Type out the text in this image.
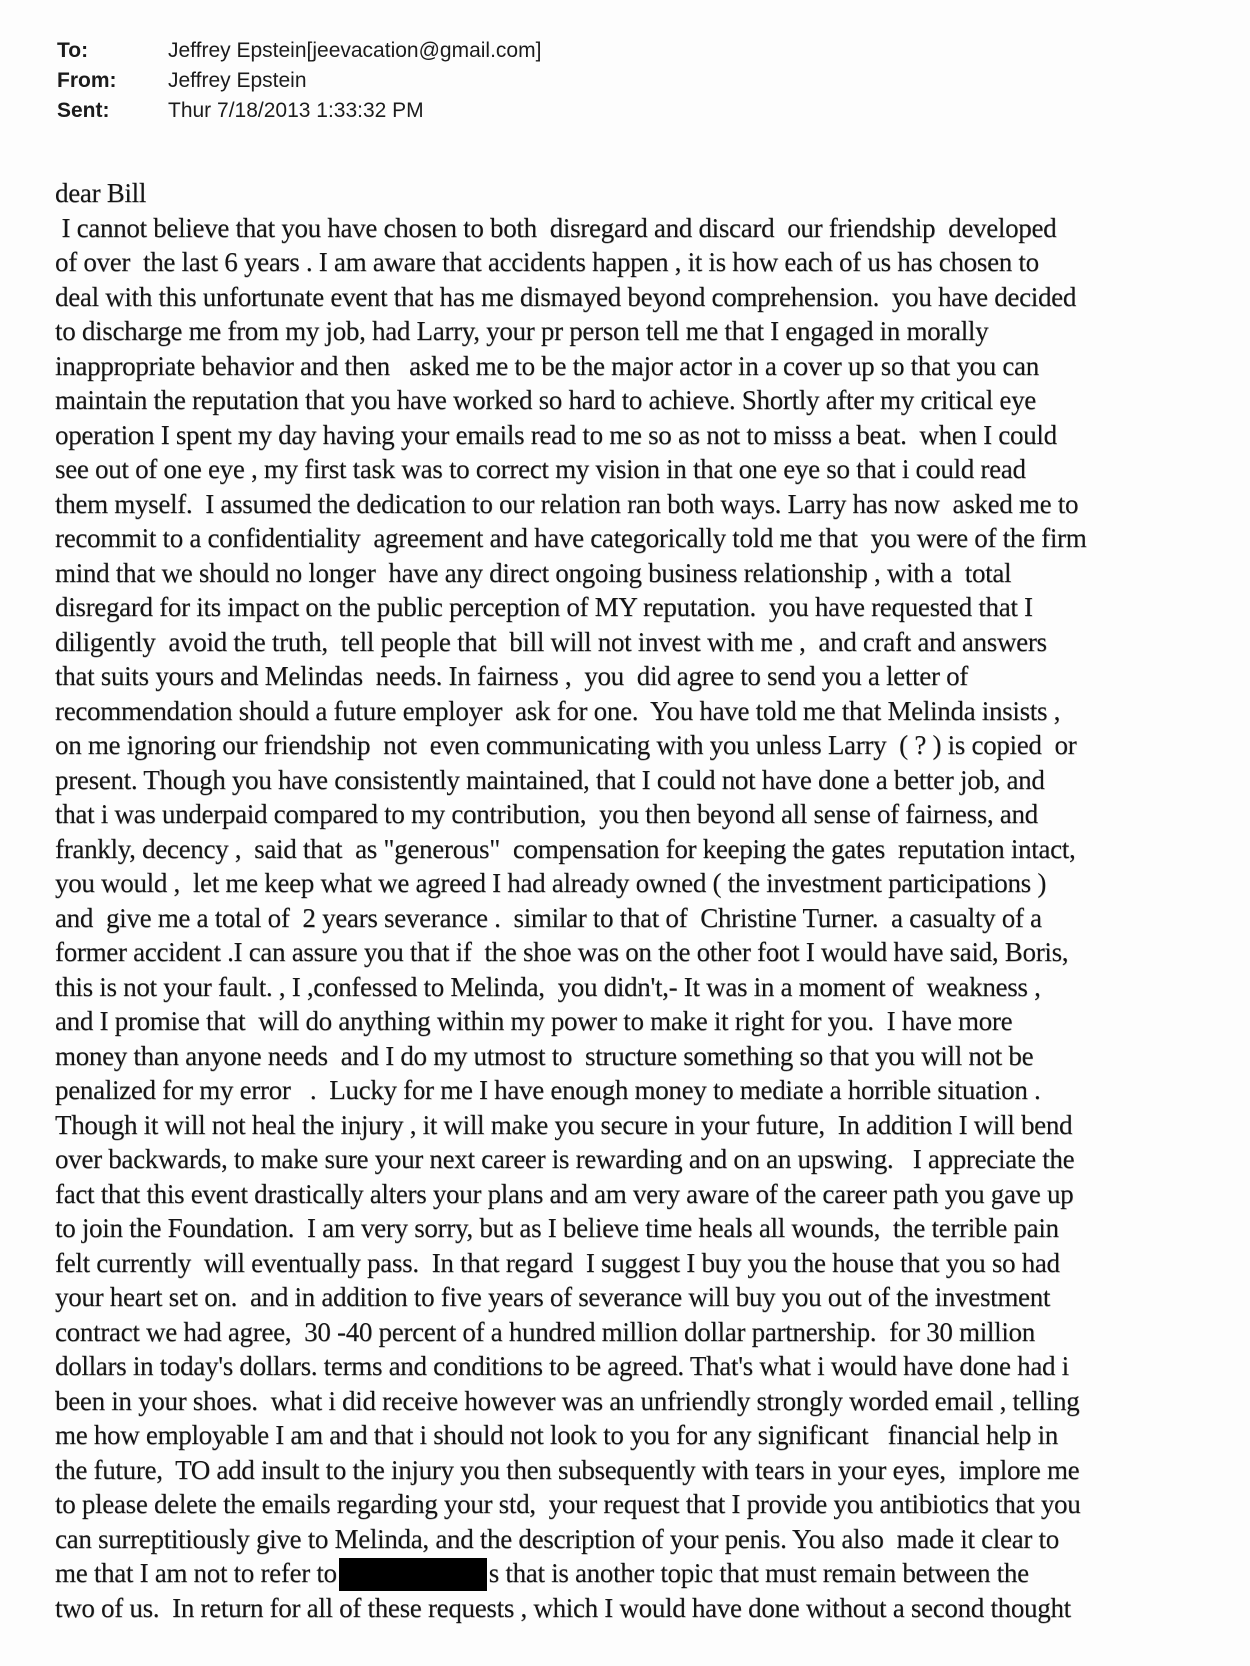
To:	Jeffrey Epstein[jeevacation@gmail.com]
From:	Jeffrey Epstein
Sent:	Thur 7/18/2013 1:33:32 PM
dear Bill
I cannot believe that you have chosen to both  disregard and discard  our friendship  developed
of over  the last 6 years . I am aware that accidents happen , it is how each of us has chosen to
deal with this unfortunate event that has me dismayed beyond comprehension.  you have decided
to discharge me from my job, had Larry, your pr person tell me that I engaged in morally
inappropriate behavior and then   asked me to be the major actor in a cover up so that you can
maintain the reputation that you have worked so hard to achieve. Shortly after my critical eye
operation I spent my day having your emails read to me so as not to misss a beat.  when I could
see out of one eye , my first task was to correct my vision in that one eye so that i could read
them myself.  I assumed the dedication to our relation ran both ways. Larry has now  asked me to
recommit to a confidentiality  agreement and have categorically told me that  you were of the firm
mind that we should no longer  have any direct ongoing business relationship , with a  total
disregard for its impact on the public perception of MY reputation.  you have requested that I
diligently  avoid the truth,  tell people that  bill will not invest with me ,  and craft and answers
that suits yours and Melindas  needs. In fairness ,  you  did agree to send you a letter of
recommendation should a future employer  ask for one.  You have told me that Melinda insists ,
on me ignoring our friendship  not  even communicating with you unless Larry  ( ? ) is copied  or
present. Though you have consistently maintained, that I could not have done a better job, and
that i was underpaid compared to my contribution,  you then beyond all sense of fairness, and
frankly, decency ,  said that  as "generous"  compensation for keeping the gates  reputation intact,
you would ,  let me keep what we agreed I had already owned ( the investment participations )
and  give me a total of  2 years severance .  similar to that of  Christine Turner.  a casualty of a
former accident .I can assure you that if  the shoe was on the other foot I would have said, Boris,
this is not your fault. , I ,confessed to Melinda,  you didn't,- It was in a moment of  weakness ,
and I promise that  will do anything within my power to make it right for you.  I have more
money than anyone needs  and I do my utmost to  structure something so that you will not be
penalized for my error   .  Lucky for me I have enough money to mediate a horrible situation .
Though it will not heal the injury , it will make you secure in your future,  In addition I will bend
over backwards, to make sure your next career is rewarding and on an upswing.   I appreciate the
fact that this event drastically alters your plans and am very aware of the career path you gave up
to join the Foundation.  I am very sorry, but as I believe time heals all wounds,  the terrible pain
felt currently  will eventually pass.  In that regard  I suggest I buy you the house that you so had
your heart set on.  and in addition to five years of severance will buy you out of the investment
contract we had agree,  30 -40 percent of a hundred million dollar partnership.  for 30 million
dollars in today's dollars. terms and conditions to be agreed. That's what i would have done had i
been in your shoes.  what i did receive however was an unfriendly strongly worded email , telling
me how employable I am and that i should not look to you for any significant   financial help in
the future,  TO add insult to the injury you then subsequently with tears in your eyes,  implore me
to please delete the emails regarding your std,  your request that I provide you antibiotics that you
can surreptitiously give to Melinda, and the description of your penis. You also  made it clear to
me that I am not to refer to	s that is another topic that must remain between the
two of us.  In return for all of these requests , which I would have done without a second thought
